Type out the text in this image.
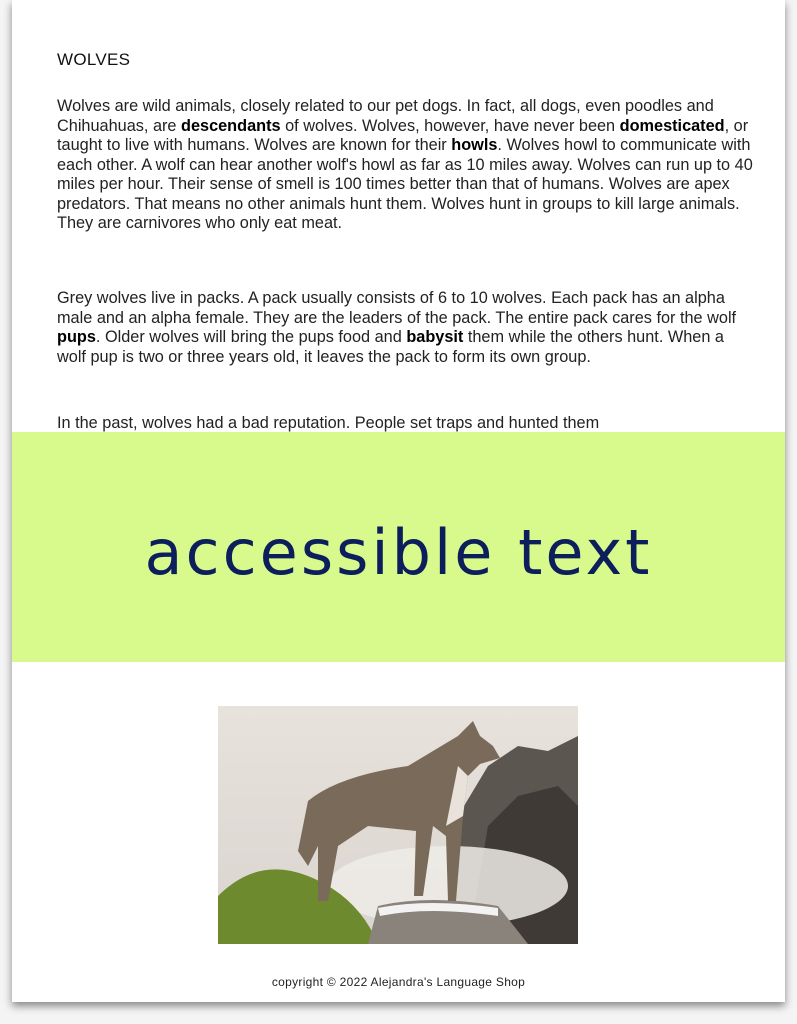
WOLVES
Wolves are wild animals, closely related to our pet dogs. In fact, all dogs, even poodles and Chihuahuas, are descendants of wolves. Wolves, however, have never been domesticated, or taught to live with humans. Wolves are known for their howls. Wolves howl to communicate with each other. A wolf can hear another wolf's howl as far as 10 miles away. Wolves can run up to 40 miles per hour. Their sense of smell is 100 times better than that of humans. Wolves are apex predators. That means no other animals hunt them. Wolves hunt in groups to kill large animals. They are carnivores who only eat meat.
Grey wolves live in packs. A pack usually consists of 6 to 10 wolves. Each pack has an alpha male and an alpha female. They are the leaders of the pack. The entire pack cares for the wolf pups. Older wolves will bring the pups food and babysit them while the others hunt. When a wolf pup is two or three years old, it leaves the pack to form its own group.
In the past, wolves had a bad reputation. People set traps and hunted them
accessible text
copyright © 2022 Alejandra's Language Shop
